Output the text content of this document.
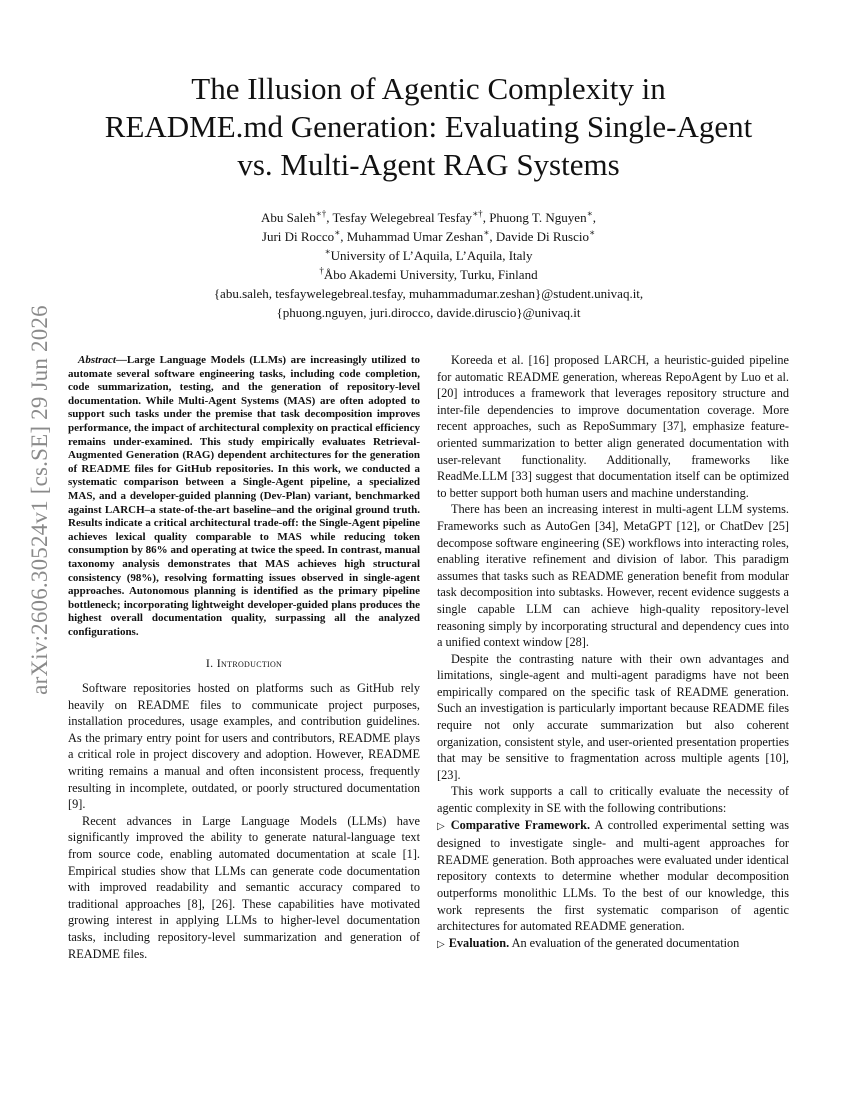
arXiv:2606.30524v1 [cs.SE] 29 Jun 2026
The Illusion of Agentic Complexity in
README.md Generation: Evaluating Single-Agent
vs. Multi-Agent RAG Systems
Abu Saleh∗†, Tesfay Welegebreal Tesfay∗†, Phuong T. Nguyen∗,
Juri Di Rocco∗, Muhammad Umar Zeshan∗, Davide Di Ruscio∗
∗University of L’Aquila, L’Aquila, Italy
†Åbo Akademi University, Turku, Finland
{abu.saleh, tesfaywelegebreal.tesfay, muhammadumar.zeshan}@student.univaq.it,
{phuong.nguyen, juri.dirocco, davide.diruscio}@univaq.it

Abstract—Large Language Models (LLMs) are increasingly utilized to automate several software engineering tasks, including code completion, code summarization, testing, and the generation of repository-level documentation. While Multi-Agent Systems (MAS) are often adopted to support such tasks under the premise that task decomposition improves performance, the impact of architectural complexity on practical efficiency remains under-examined. This study empirically evaluates Retrieval-Augmented Generation (RAG) dependent architectures for the generation of README files for GitHub repositories. In this work, we conducted a systematic comparison between a Single-Agent pipeline, a specialized MAS, and a developer-guided planning (Dev-Plan) variant, benchmarked against LARCH–a state-of-the-art baseline–and the original ground truth. Results indicate a critical architectural trade-off: the Single-Agent pipeline achieves lexical quality comparable to MAS while reducing token consumption by 86% and operating at twice the speed. In contrast, manual taxonomy analysis demonstrates that MAS achieves high structural consistency (98%), resolving formatting issues observed in single-agent approaches. Autonomous planning is identified as the primary pipeline bottleneck; incorporating lightweight developer-guided plans produces the highest overall documentation quality, surpassing all the analyzed configurations.

I. Introduction

Software repositories hosted on platforms such as GitHub rely heavily on README files to communicate project purposes, installation procedures, usage examples, and contribution guidelines. As the primary entry point for users and contributors, README plays a critical role in project discovery and adoption. However, README writing remains a manual and often inconsistent process, frequently resulting in incomplete, outdated, or poorly structured documentation [9].

Recent advances in Large Language Models (LLMs) have significantly improved the ability to generate natural-language text from source code, enabling automated documentation at scale [1]. Empirical studies show that LLMs can generate code documentation with improved readability and semantic accuracy compared to traditional approaches [8], [26]. These capabilities have motivated growing interest in applying LLMs to higher-level documentation tasks, including repository-level summarization and generation of README files.

Koreeda et al. [16] proposed LARCH, a heuristic-guided pipeline for automatic README generation, whereas RepoAgent by Luo et al. [20] introduces a framework that leverages repository structure and inter-file dependencies to improve documentation coverage. More recent approaches, such as RepoSummary [37], emphasize feature-oriented summarization to better align generated documentation with user-relevant functionality. Additionally, frameworks like ReadMe.LLM [33] suggest that documentation itself can be optimized to better support both human users and machine understanding.

There has been an increasing interest in multi-agent LLM systems. Frameworks such as AutoGen [34], MetaGPT [12], or ChatDev [25] decompose software engineering (SE) workflows into interacting roles, enabling iterative refinement and division of labor. This paradigm assumes that tasks such as README generation benefit from modular task decomposition into subtasks. However, recent evidence suggests a single capable LLM can achieve high-quality repository-level reasoning simply by incorporating structural and dependency cues into a unified context window [28].

Despite the contrasting nature with their own advantages and limitations, single-agent and multi-agent paradigms have not been empirically compared on the specific task of README generation. Such an investigation is particularly important because README files require not only accurate summarization but also coherent organization, consistent style, and user-oriented presentation properties that may be sensitive to fragmentation across multiple agents [10], [23].

This work supports a call to critically evaluate the necessity of agentic complexity in SE with the following contributions:

▷ Comparative Framework. A controlled experimental setting was designed to investigate single- and multi-agent approaches for README generation. Both approaches were evaluated under identical repository contexts to determine whether modular decomposition outperforms monolithic LLMs. To the best of our knowledge, this work represents the first systematic comparison of agentic architectures for automated README generation.

▷ Evaluation. An evaluation of the generated documentation
